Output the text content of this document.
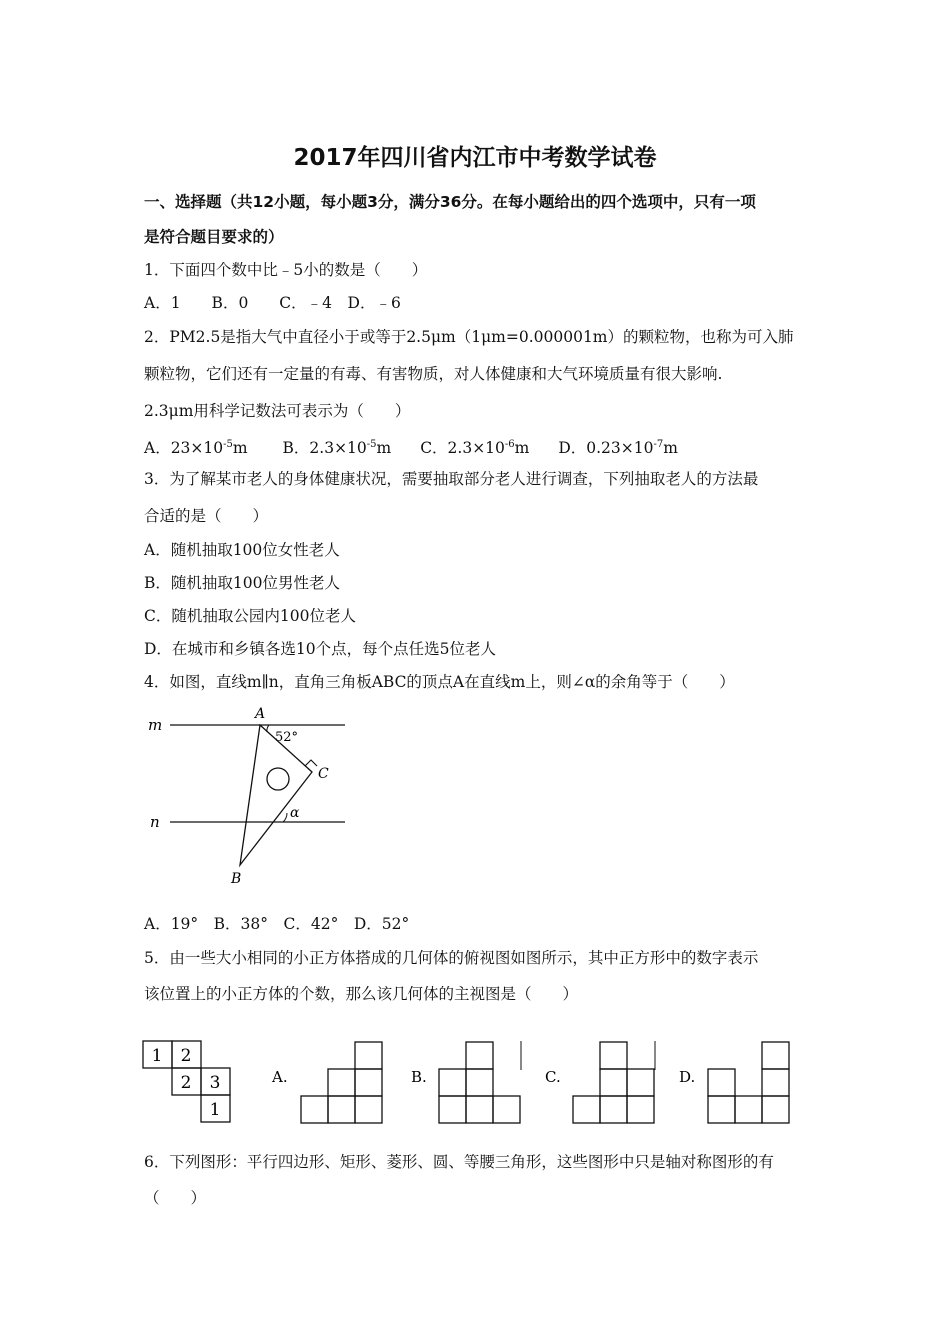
2017年四川省内江市中考数学试卷
一、选择题（共12小题，每小题3分，满分36分。在每小题给出的四个选项中，只有一项
是符合题目要求的）
1．下面四个数中比﹣5小的数是（　　）
A．1　　B．0　　C．﹣4　D．﹣6
2．PM2.5是指大气中直径小于或等于2.5μm（1μm=0.000001m）的颗粒物，也称为可入肺
颗粒物，它们还有一定量的有毒、有害物质，对人体健康和大气环境质量有很大影响.
2.3μm用科学记数法可表示为（　　）
A．$23\times 10^{-5}m$ B．$2.3\times 10^{-5}m$ C．$2.3\times 10^{-6}m$ D．$0.23\times 10^{-7}m$
3．为了解某市老人的身体健康状况，需要抽取部分老人进行调查，下列抽取老人的方法最
合适的是（　　）
A．随机抽取100位女性老人
B．随机抽取100位男性老人
C．随机抽取公园内100位老人
D．在城市和乡镇各选10个点，每个点任选5位老人
4．如图，直线m∥n，直角三角板ABC的顶点A在直线m上，则∠α的余角等于（　　）
m
n
A
B
C
52°
α
A．19°　B．38°　C．42°　D．52°
5．由一些大小相同的小正方体搭成的几何体的俯视图如图所示，其中正方形中的数字表示
该位置上的小正方体的个数，那么该几何体的主视图是（　　）
1 2
2 3
1
A.	B.	C.	D.
6．下列图形：平行四边形、矩形、菱形、圆、等腰三角形，这些图形中只是轴对称图形的有
（　　）
